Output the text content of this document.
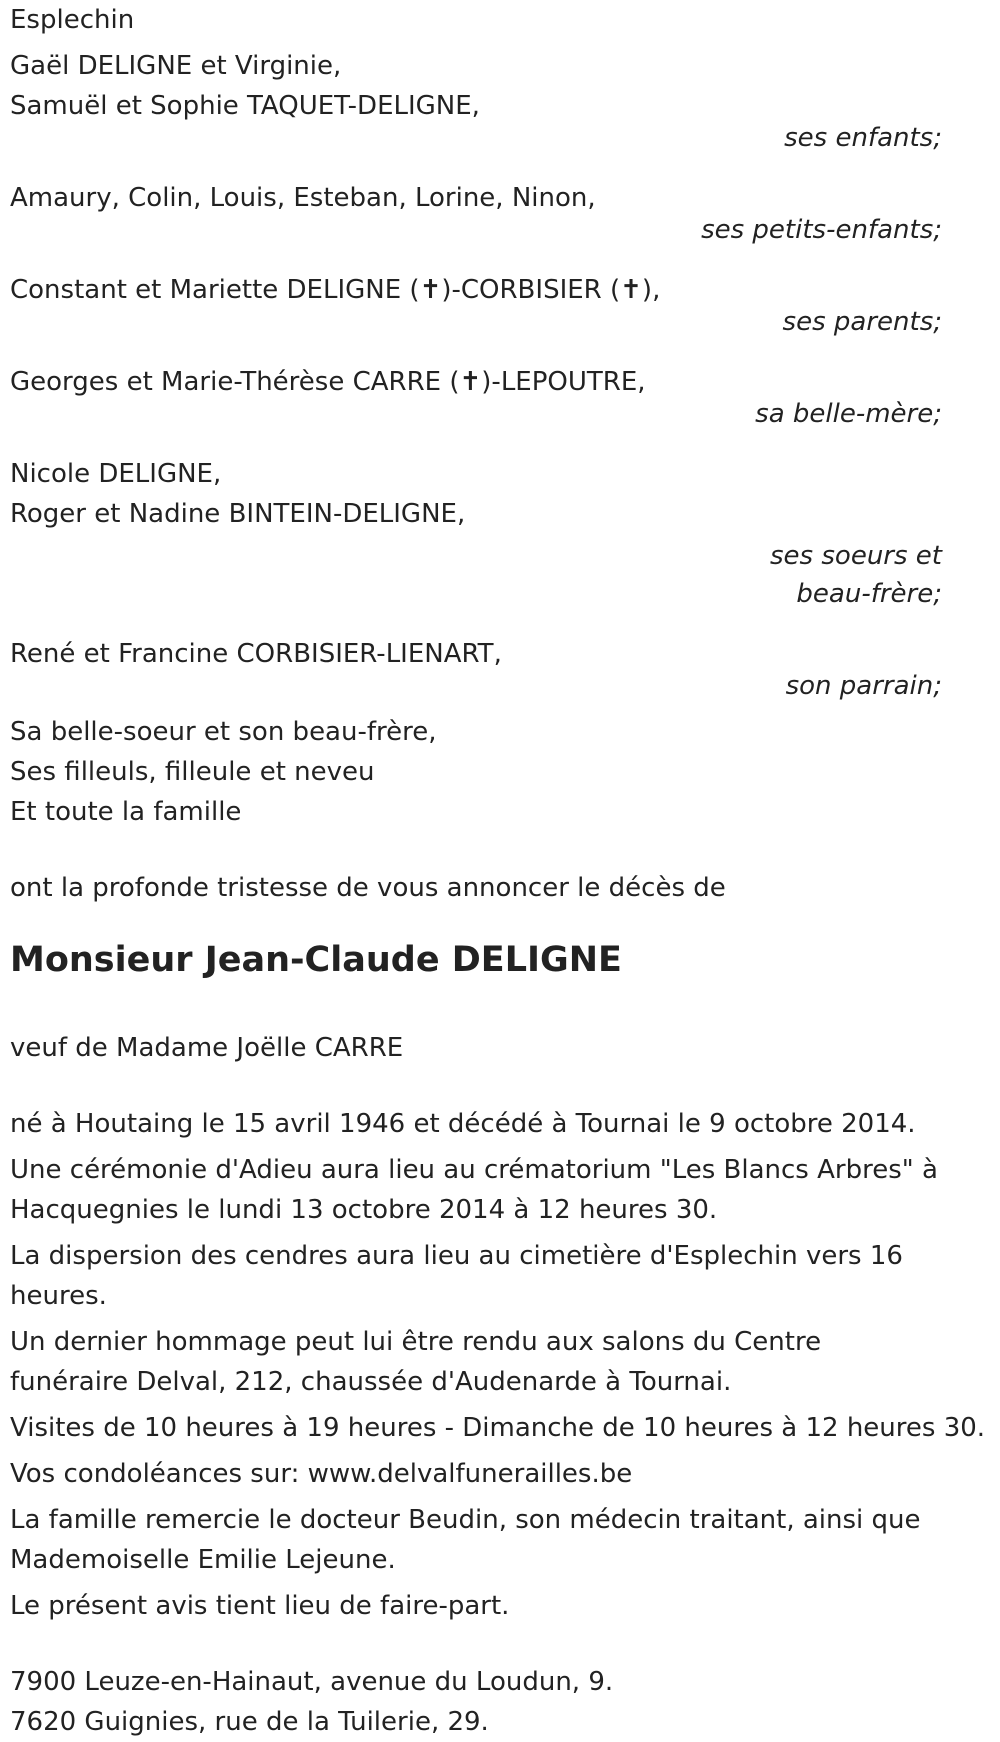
Esplechin

Gaël DELIGNE et Virginie,

Samuël et Sophie TAQUET-DELIGNE,

ses enfants;

Amaury, Colin, Louis, Esteban, Lorine, Ninon,

ses petits-enfants;

Constant et Mariette DELIGNE (✝)-CORBISIER (✝),

ses parents;

Georges et Marie-Thérèse CARRE (✝)-LEPOUTRE,

sa belle-mère;

Nicole DELIGNE,

Roger et Nadine BINTEIN-DELIGNE,

ses soeurs et

beau-frère;

René et Francine CORBISIER-LIENART,

son parrain;

Sa belle-soeur et son beau-frère,

Ses filleuls, filleule et neveu

Et toute la famille

ont la profonde tristesse de vous annoncer le décès de

Monsieur Jean-Claude DELIGNE

veuf de Madame Joëlle CARRE

né à Houtaing le 15 avril 1946 et décédé à Tournai le 9 octobre 2014.

Une cérémonie d'Adieu aura lieu au crématorium "Les Blancs Arbres" à Hacquegnies le lundi 13 octobre 2014 à 12 heures 30.

La dispersion des cendres aura lieu au cimetière d'Esplechin vers 16 heures.

Un dernier hommage peut lui être rendu aux salons du Centre funéraire Delval, 212, chaussée d'Audenarde à Tournai.

Visites de 10 heures à 19 heures - Dimanche de 10 heures à 12 heures 30.

Vos condoléances sur: www.delvalfunerailles.be

La famille remercie le docteur Beudin, son médecin traitant, ainsi que Mademoiselle Emilie Lejeune.

Le présent avis tient lieu de faire-part.

7900 Leuze-en-Hainaut, avenue du Loudun, 9.

7620 Guignies, rue de la Tuilerie, 29.
